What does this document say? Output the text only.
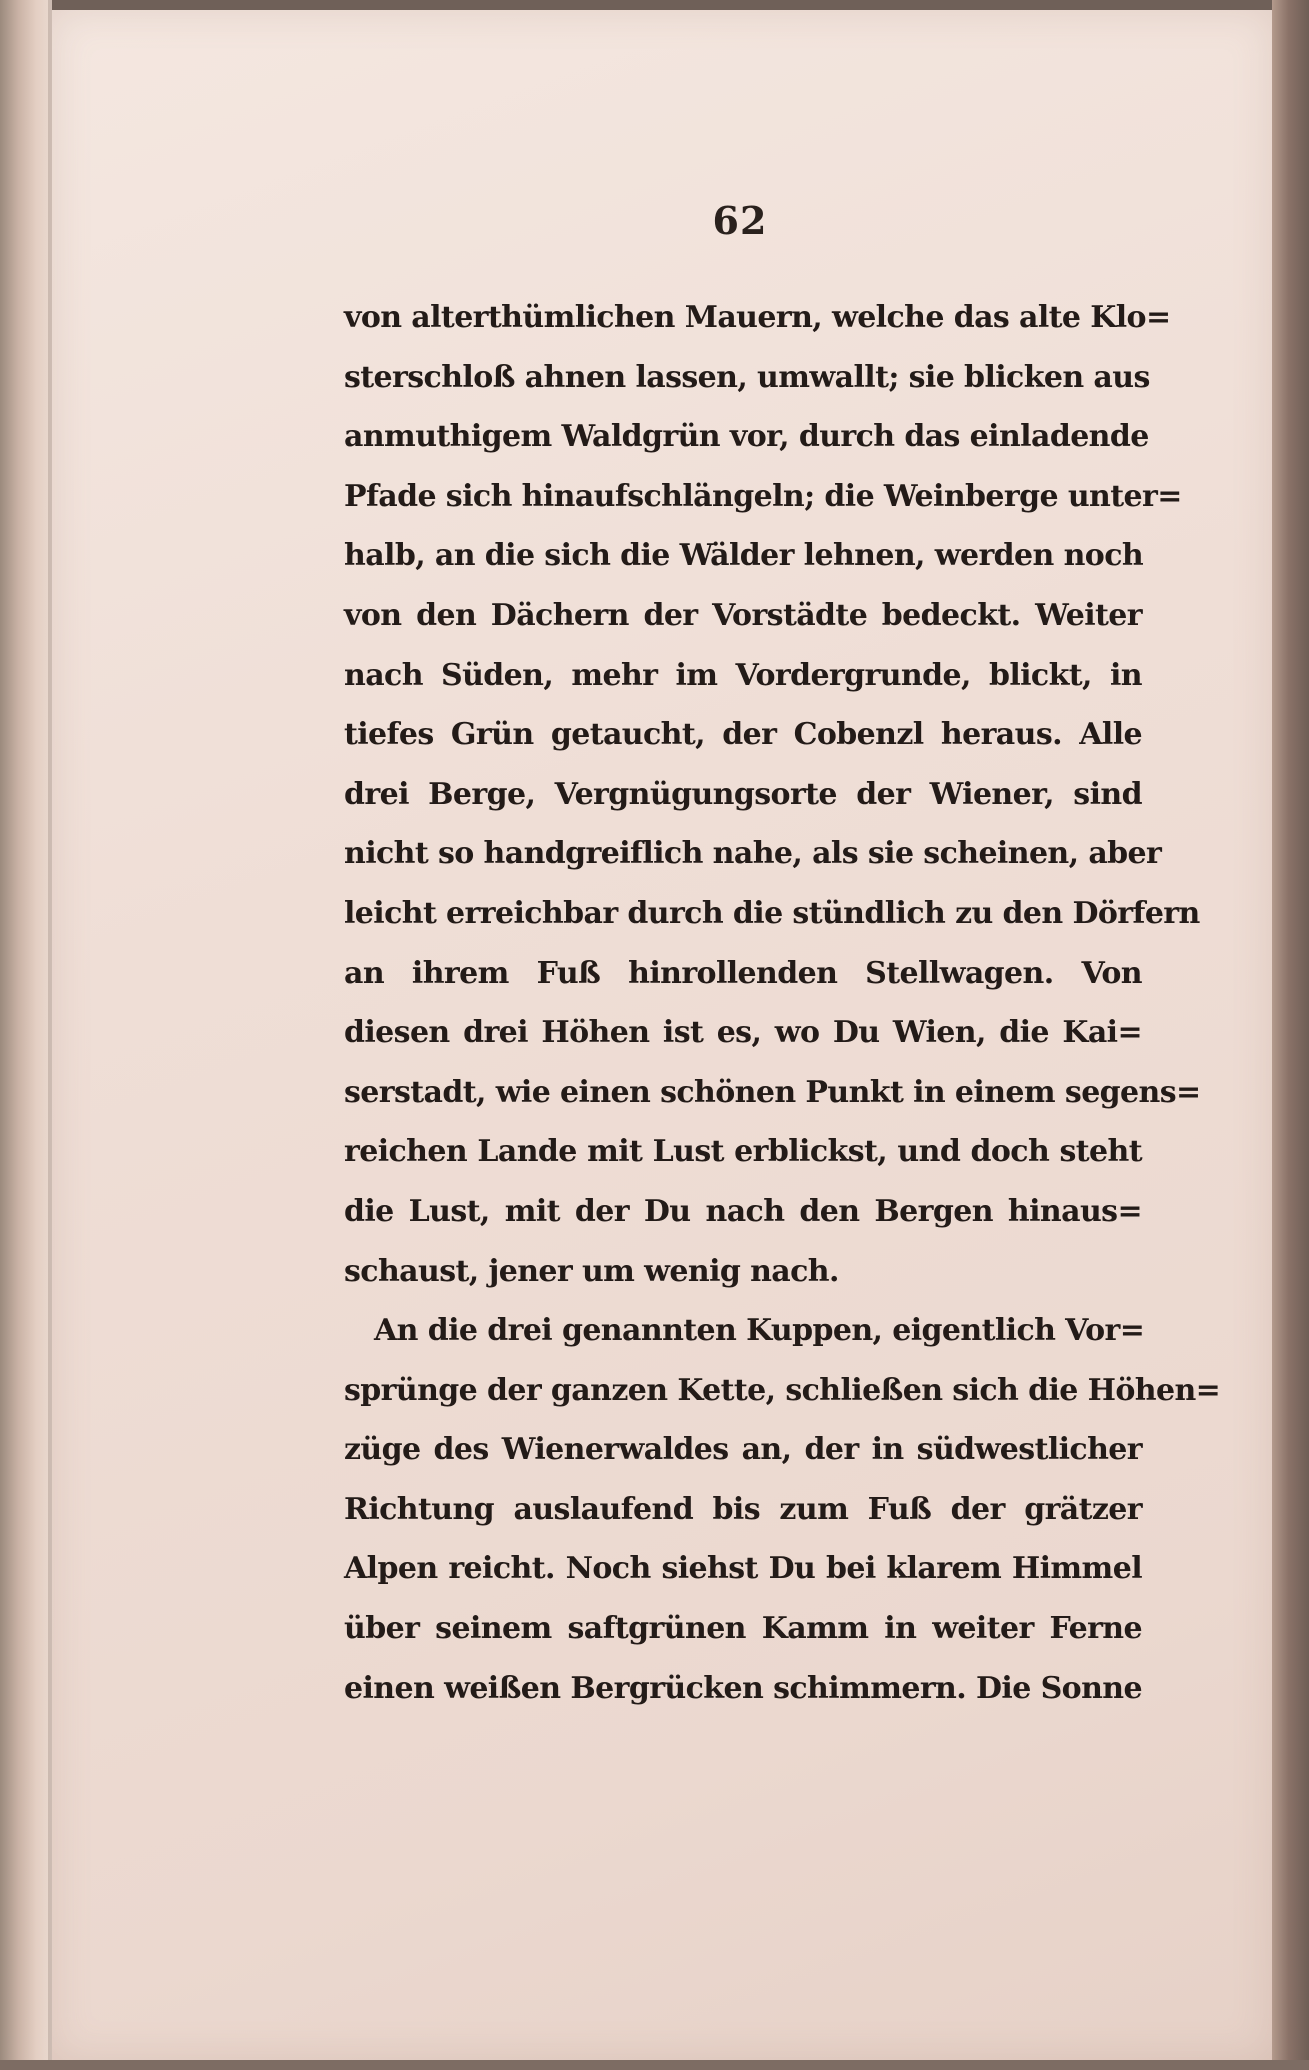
62
von alterthümlichen Mauern, welche das alte Klo=
sterschloß ahnen lassen, umwallt; sie blicken aus
anmuthigem Waldgrün vor, durch das einladende
Pfade sich hinaufschlängeln; die Weinberge unter=
halb, an die sich die Wälder lehnen, werden noch
von den Dächern der Vorstädte bedeckt. Weiter
nach Süden, mehr im Vordergrunde, blickt, in
tiefes Grün getaucht, der Cobenzl heraus. Alle
drei Berge, Vergnügungsorte der Wiener, sind
nicht so handgreiflich nahe, als sie scheinen, aber
leicht erreichbar durch die stündlich zu den Dörfern
an ihrem Fuß hinrollenden Stellwagen. Von
diesen drei Höhen ist es, wo Du Wien, die Kai=
serstadt, wie einen schönen Punkt in einem segens=
reichen Lande mit Lust erblickst, und doch steht
die Lust, mit der Du nach den Bergen hinaus=
schaust, jener um wenig nach.
An die drei genannten Kuppen, eigentlich Vor=
sprünge der ganzen Kette, schließen sich die Höhen=
züge des Wienerwaldes an, der in südwestlicher
Richtung auslaufend bis zum Fuß der grätzer
Alpen reicht. Noch siehst Du bei klarem Himmel
über seinem saftgrünen Kamm in weiter Ferne
einen weißen Bergrücken schimmern. Die Sonne
